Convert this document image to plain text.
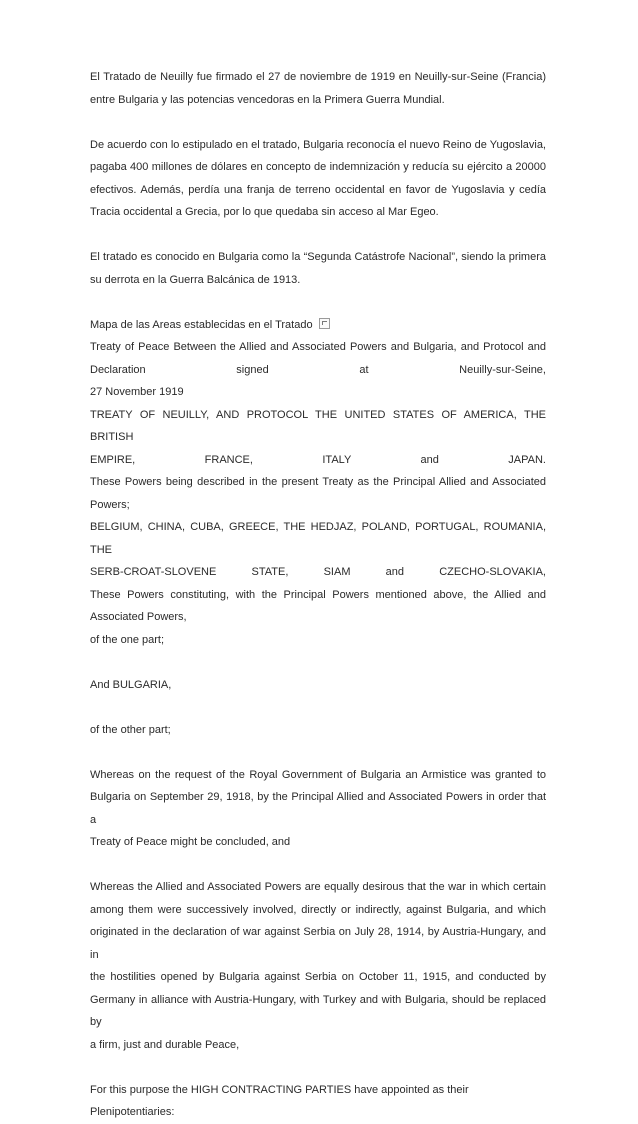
El Tratado de Neuilly fue firmado el 27 de noviembre de 1919 en Neuilly-sur-Seine (Francia)

entre Bulgaria y las potencias vencedoras en la Primera Guerra Mundial.

De acuerdo con lo estipulado en el tratado, Bulgaria reconocía el nuevo Reino de Yugoslavia,

pagaba 400 millones de dólares en concepto de indemnización y reducía su ejército a 20000

efectivos. Además, perdía una franja de terreno occidental en favor de Yugoslavia y cedía

Tracia occidental a Grecia, por lo que quedaba sin acceso al Mar Egeo.

El tratado es conocido en Bulgaria como la “Segunda Catástrofe Nacional”, siendo la primera

su derrota en la Guerra Balcánica de 1913.

Mapa de las Areas establecidas en el Tratado

Treaty of Peace Between the Allied and Associated Powers and Bulgaria, and Protocol and

Declaration signed at Neuilly-sur-Seine,

27 November 1919

TREATY OF NEUILLY, AND PROTOCOL THE UNITED STATES OF AMERICA, THE BRITISH

EMPIRE, FRANCE, ITALY and JAPAN.

These Powers being described in the present Treaty as the Principal Allied and Associated

Powers;

BELGIUM, CHINA, CUBA, GREECE, THE HEDJAZ, POLAND, PORTUGAL, ROUMANIA, THE

SERB-CROAT-SLOVENE STATE, SIAM and CZECHO-SLOVAKIA,

These Powers constituting, with the Principal Powers mentioned above, the Allied and

Associated Powers,

of the one part;

And BULGARIA,

of the other part;

Whereas on the request of the Royal Government of Bulgaria an Armistice was granted to

Bulgaria on September 29, 1918, by the Principal Allied and Associated Powers in order that a

Treaty of Peace might be concluded, and

Whereas the Allied and Associated Powers are equally desirous that the war in which certain

among them were successively involved, directly or indirectly, against Bulgaria, and which

originated in the declaration of war against Serbia on July 28, 1914, by Austria-Hungary, and in

the hostilities opened by Bulgaria against Serbia on October 11, 1915, and conducted by

Germany in alliance with Austria-Hungary, with Turkey and with Bulgaria, should be replaced by

a firm, just and durable Peace,

For this purpose the HIGH CONTRACTING PARTIES have appointed as their Plenipotentiaries:
